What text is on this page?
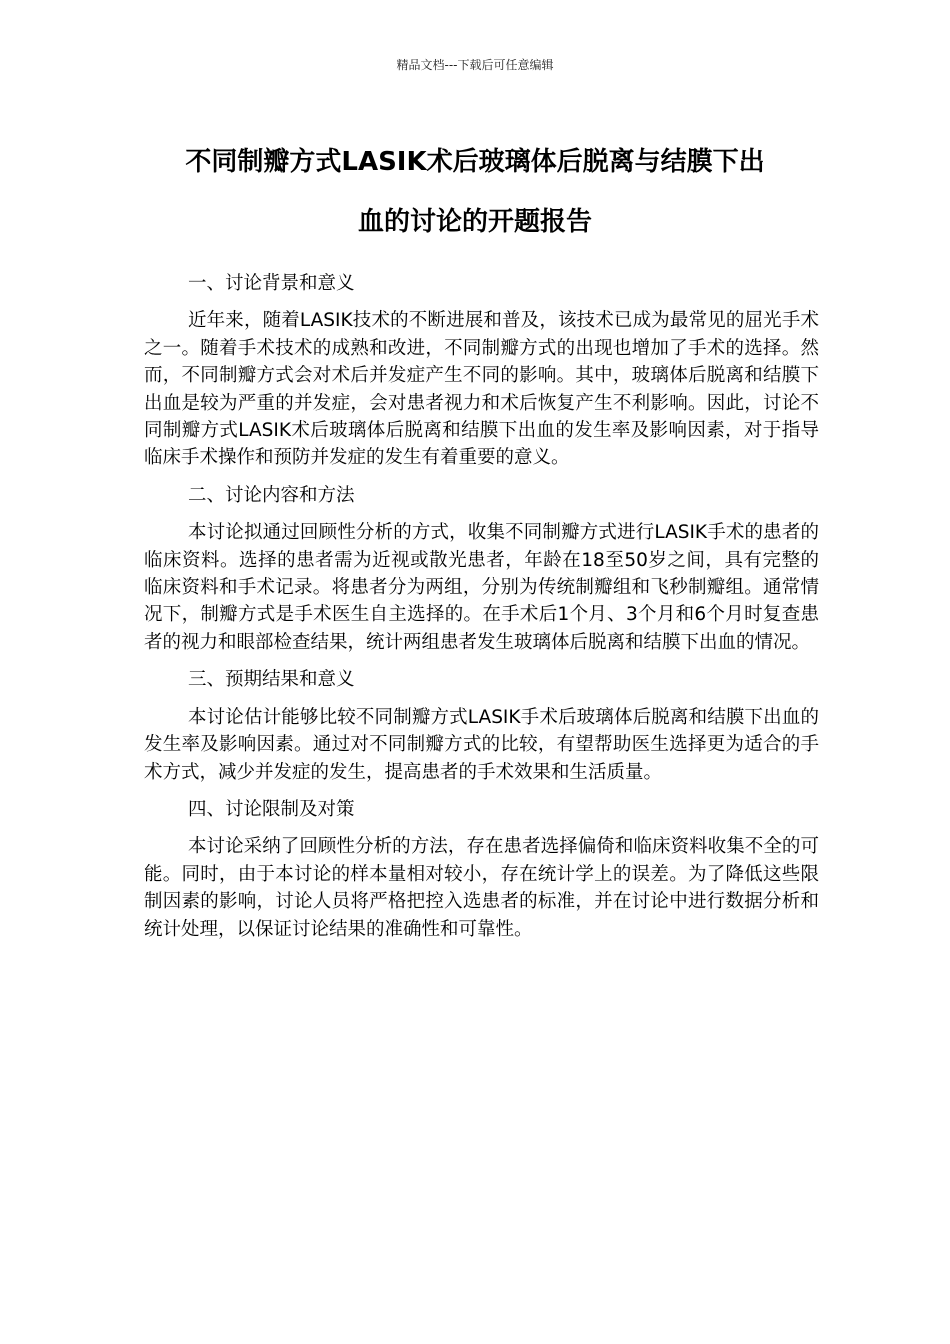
精品文档---下载后可任意编辑
不同制瓣方式LASIK术后玻璃体后脱离与结膜下出
血的讨论的开题报告

一、讨论背景和意义

近年来，随着LASIK技术的不断进展和普及，该技术已成为最常见的屈光手术之一。随着手术技术的成熟和改进，不同制瓣方式的出现也增加了手术的选择。然而，不同制瓣方式会对术后并发症产生不同的影响。其中，玻璃体后脱离和结膜下出血是较为严重的并发症，会对患者视力和术后恢复产生不利影响。因此，讨论不同制瓣方式LASIK术后玻璃体后脱离和结膜下出血的发生率及影响因素，对于指导临床手术操作和预防并发症的发生有着重要的意义。

二、讨论内容和方法

本讨论拟通过回顾性分析的方式，收集不同制瓣方式进行LASIK手术的患者的临床资料。选择的患者需为近视或散光患者，年龄在18至50岁之间，具有完整的临床资料和手术记录。将患者分为两组，分别为传统制瓣组和飞秒制瓣组。通常情况下，制瓣方式是手术医生自主选择的。在手术后1个月、3个月和6个月时复查患者的视力和眼部检查结果，统计两组患者发生玻璃体后脱离和结膜下出血的情况。

三、预期结果和意义

本讨论估计能够比较不同制瓣方式LASIK手术后玻璃体后脱离和结膜下出血的发生率及影响因素。通过对不同制瓣方式的比较，有望帮助医生选择更为适合的手术方式，减少并发症的发生，提高患者的手术效果和生活质量。

四、讨论限制及对策

本讨论采纳了回顾性分析的方法，存在患者选择偏倚和临床资料收集不全的可能。同时，由于本讨论的样本量相对较小，存在统计学上的误差。为了降低这些限制因素的影响，讨论人员将严格把控入选患者的标准，并在讨论中进行数据分析和统计处理，以保证讨论结果的准确性和可靠性。
